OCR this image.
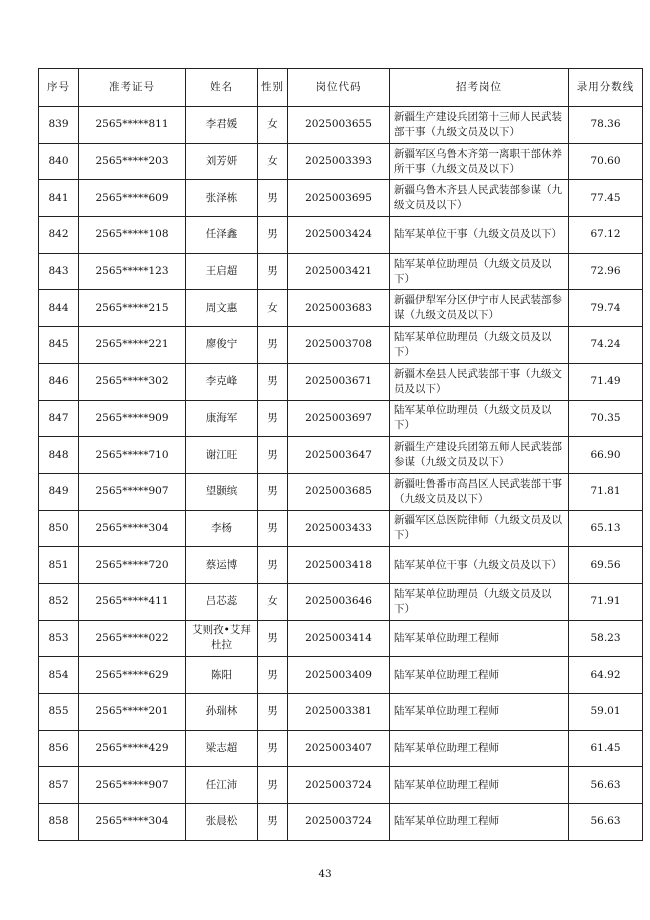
序号	准考证号	姓名	性别	岗位代码	招考岗位	录用分数线
839	2565*****811	李君媛	女	2025003655	新疆生产建设兵团第十三师人民武装部干事（九级文员及以下）	78.36
840	2565*****203	刘芳妍	女	2025003393	新疆军区乌鲁木齐第一离职干部休养所干事（九级文员及以下）	70.60
841	2565*****609	张泽栋	男	2025003695	新疆乌鲁木齐县人民武装部参谋（九级文员及以下）	77.45
842	2565*****108	任泽鑫	男	2025003424	陆军某单位干事（九级文员及以下）	67.12
843	2565*****123	王启超	男	2025003421	陆军某单位助理员（九级文员及以下）	72.96
844	2565*****215	周文惠	女	2025003683	新疆伊犁军分区伊宁市人民武装部参谋（九级文员及以下）	79.74
845	2565*****221	廖俊宁	男	2025003708	陆军某单位助理员（九级文员及以下）	74.24
846	2565*****302	李克峰	男	2025003671	新疆木垒县人民武装部干事（九级文员及以下）	71.49
847	2565*****909	康海军	男	2025003697	陆军某单位助理员（九级文员及以下）	70.35
848	2565*****710	谢江旺	男	2025003647	新疆生产建设兵团第五师人民武装部参谋（九级文员及以下）	66.90
849	2565*****907	望颢缤	男	2025003685	新疆吐鲁番市高昌区人民武装部干事（九级文员及以下）	71.81
850	2565*****304	李杨	男	2025003433	新疆军区总医院律师（九级文员及以下）	65.13
851	2565*****720	蔡运博	男	2025003418	陆军某单位干事（九级文员及以下）	69.56
852	2565*****411	吕芯蕊	女	2025003646	陆军某单位助理员（九级文员及以下）	71.91
853	2565*****022	艾则孜•艾拜杜拉	男	2025003414	陆军某单位助理工程师	58.23
854	2565*****629	陈阳	男	2025003409	陆军某单位助理工程师	64.92
855	2565*****201	孙瑞林	男	2025003381	陆军某单位助理工程师	59.01
856	2565*****429	梁志超	男	2025003407	陆军某单位助理工程师	61.45
857	2565*****907	任江沛	男	2025003724	陆军某单位助理工程师	56.63
858	2565*****304	张晨松	男	2025003724	陆军某单位助理工程师	56.63
43
